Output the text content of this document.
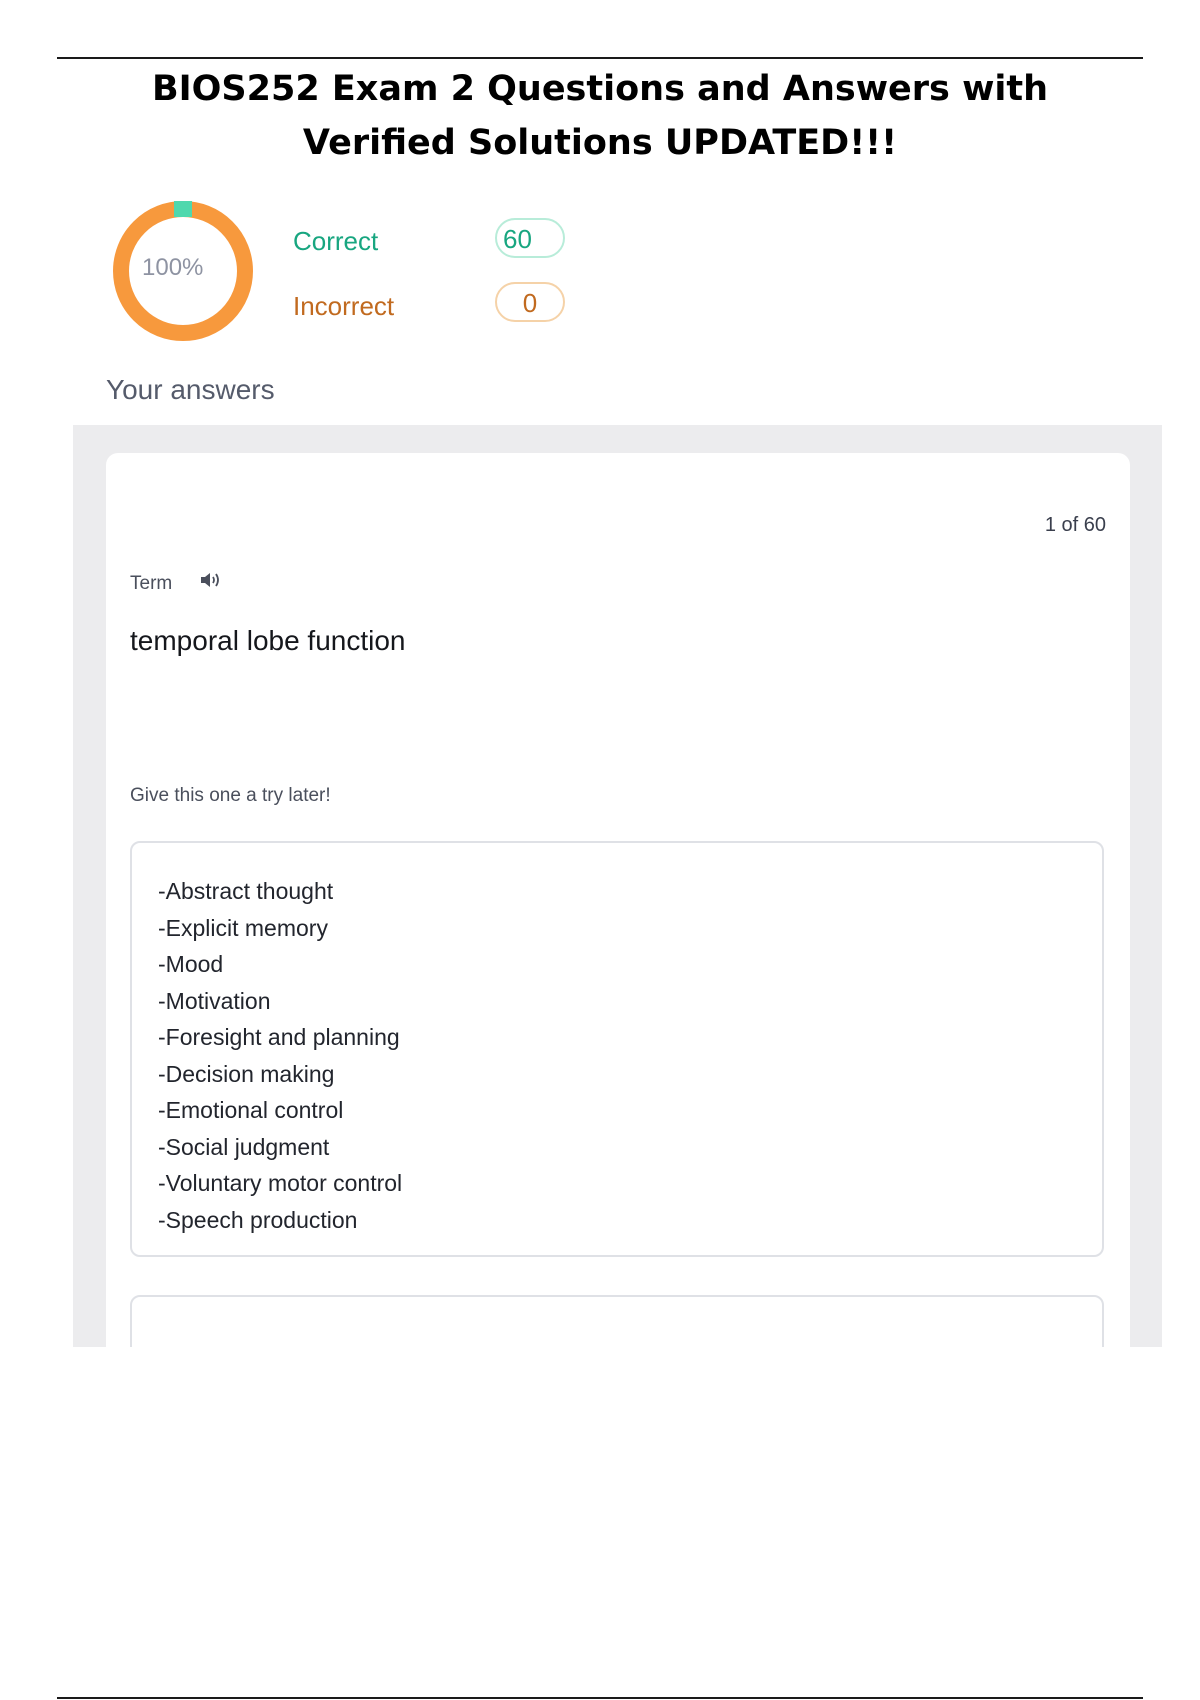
BIOS252 Exam 2 Questions and Answers with Verified Solutions UPDATED!!!
100%
Correct	60
Incorrect	0
Your answers
1 of 60
Term
temporal lobe function
Give this one a try later!
-Abstract thought
-Explicit memory
-Mood
-Motivation
-Foresight and planning
-Decision making
-Emotional control
-Social judgment
-Voluntary motor control
-Speech production
